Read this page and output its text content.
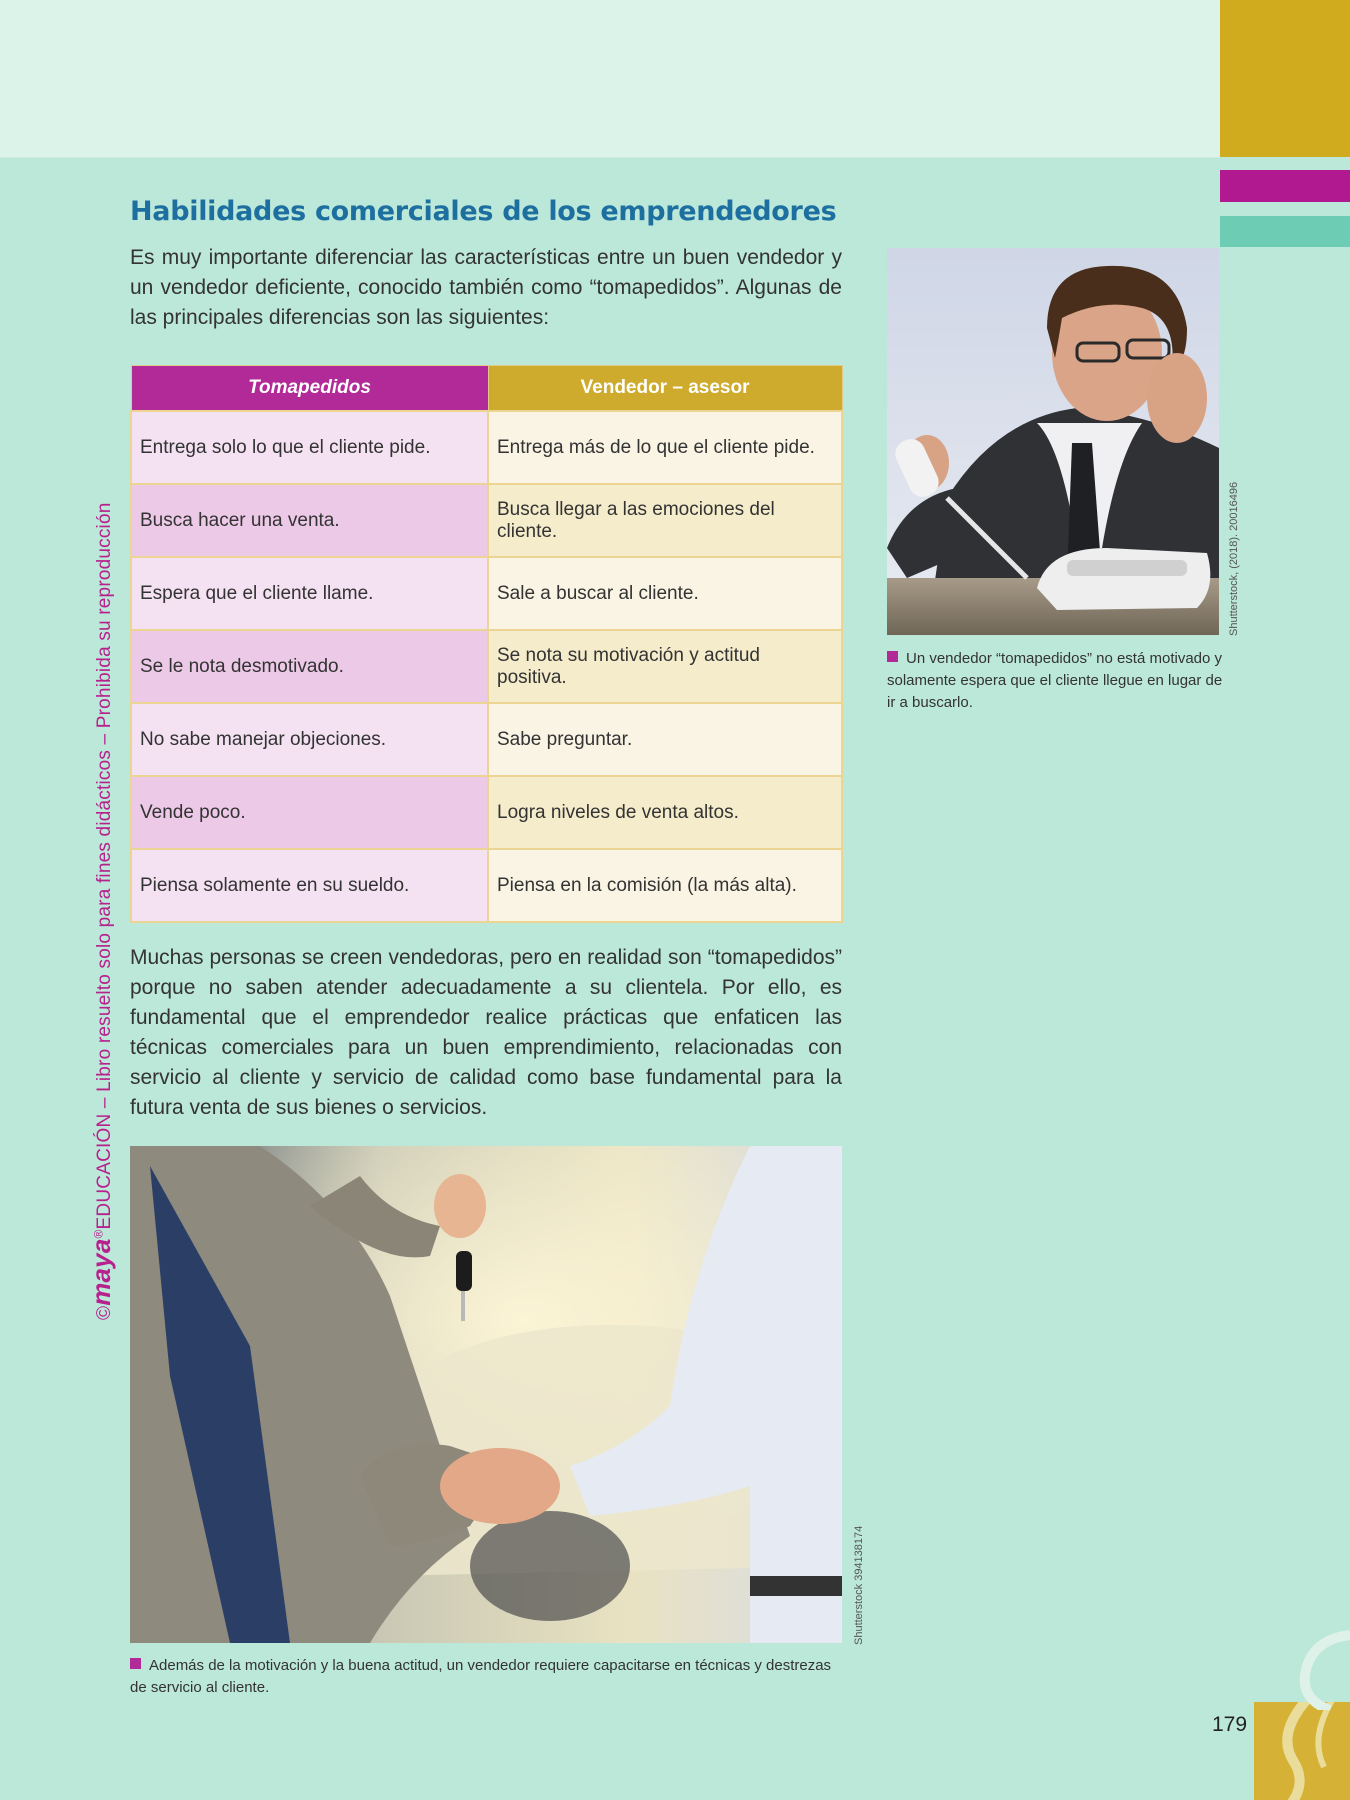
©maya®EDUCACIÓN – Libro resuelto solo para fines didácticos – Prohibida su reproducción
Habilidades comerciales de los emprendedores

Es muy importante diferenciar las características entre un buen vendedor y un vendedor deficiente, conocido también como “tomapedidos”. Algunas de las principales diferencias son las siguientes:

Tomapedidos	Vendedor – asesor
Entrega solo lo que el cliente pide.	Entrega más de lo que el cliente pide.
Busca hacer una venta.	Busca llegar a las emociones del cliente.
Espera que el cliente llame.	Sale a buscar al cliente.
Se le nota desmotivado.	Se nota su motivación y actitud positiva.
No sabe manejar objeciones.	Sabe preguntar.
Vende poco.	Logra niveles de venta altos.
Piensa solamente en su sueldo.	Piensa en la comisión (la más alta).

Muchas personas se creen vendedoras, pero en realidad son “tomapedidos” porque no saben atender adecuadamente a su clientela. Por ello, es fundamental que el emprendedor realice prácticas que enfaticen las técnicas comerciales para un buen emprendimiento, relacionadas con servicio al cliente y servicio de calidad como base fundamental para la futura venta de sus bienes o servicios.

Shutterstock, (2018). 20016496
Un vendedor “tomapedidos” no está motivado y solamente espera que el cliente llegue en lugar de ir a buscarlo.
Shutterstock 394138174
Además de la motivación y la buena actitud, un vendedor requiere capacitarse en técnicas y destrezas de servicio al cliente.
179
